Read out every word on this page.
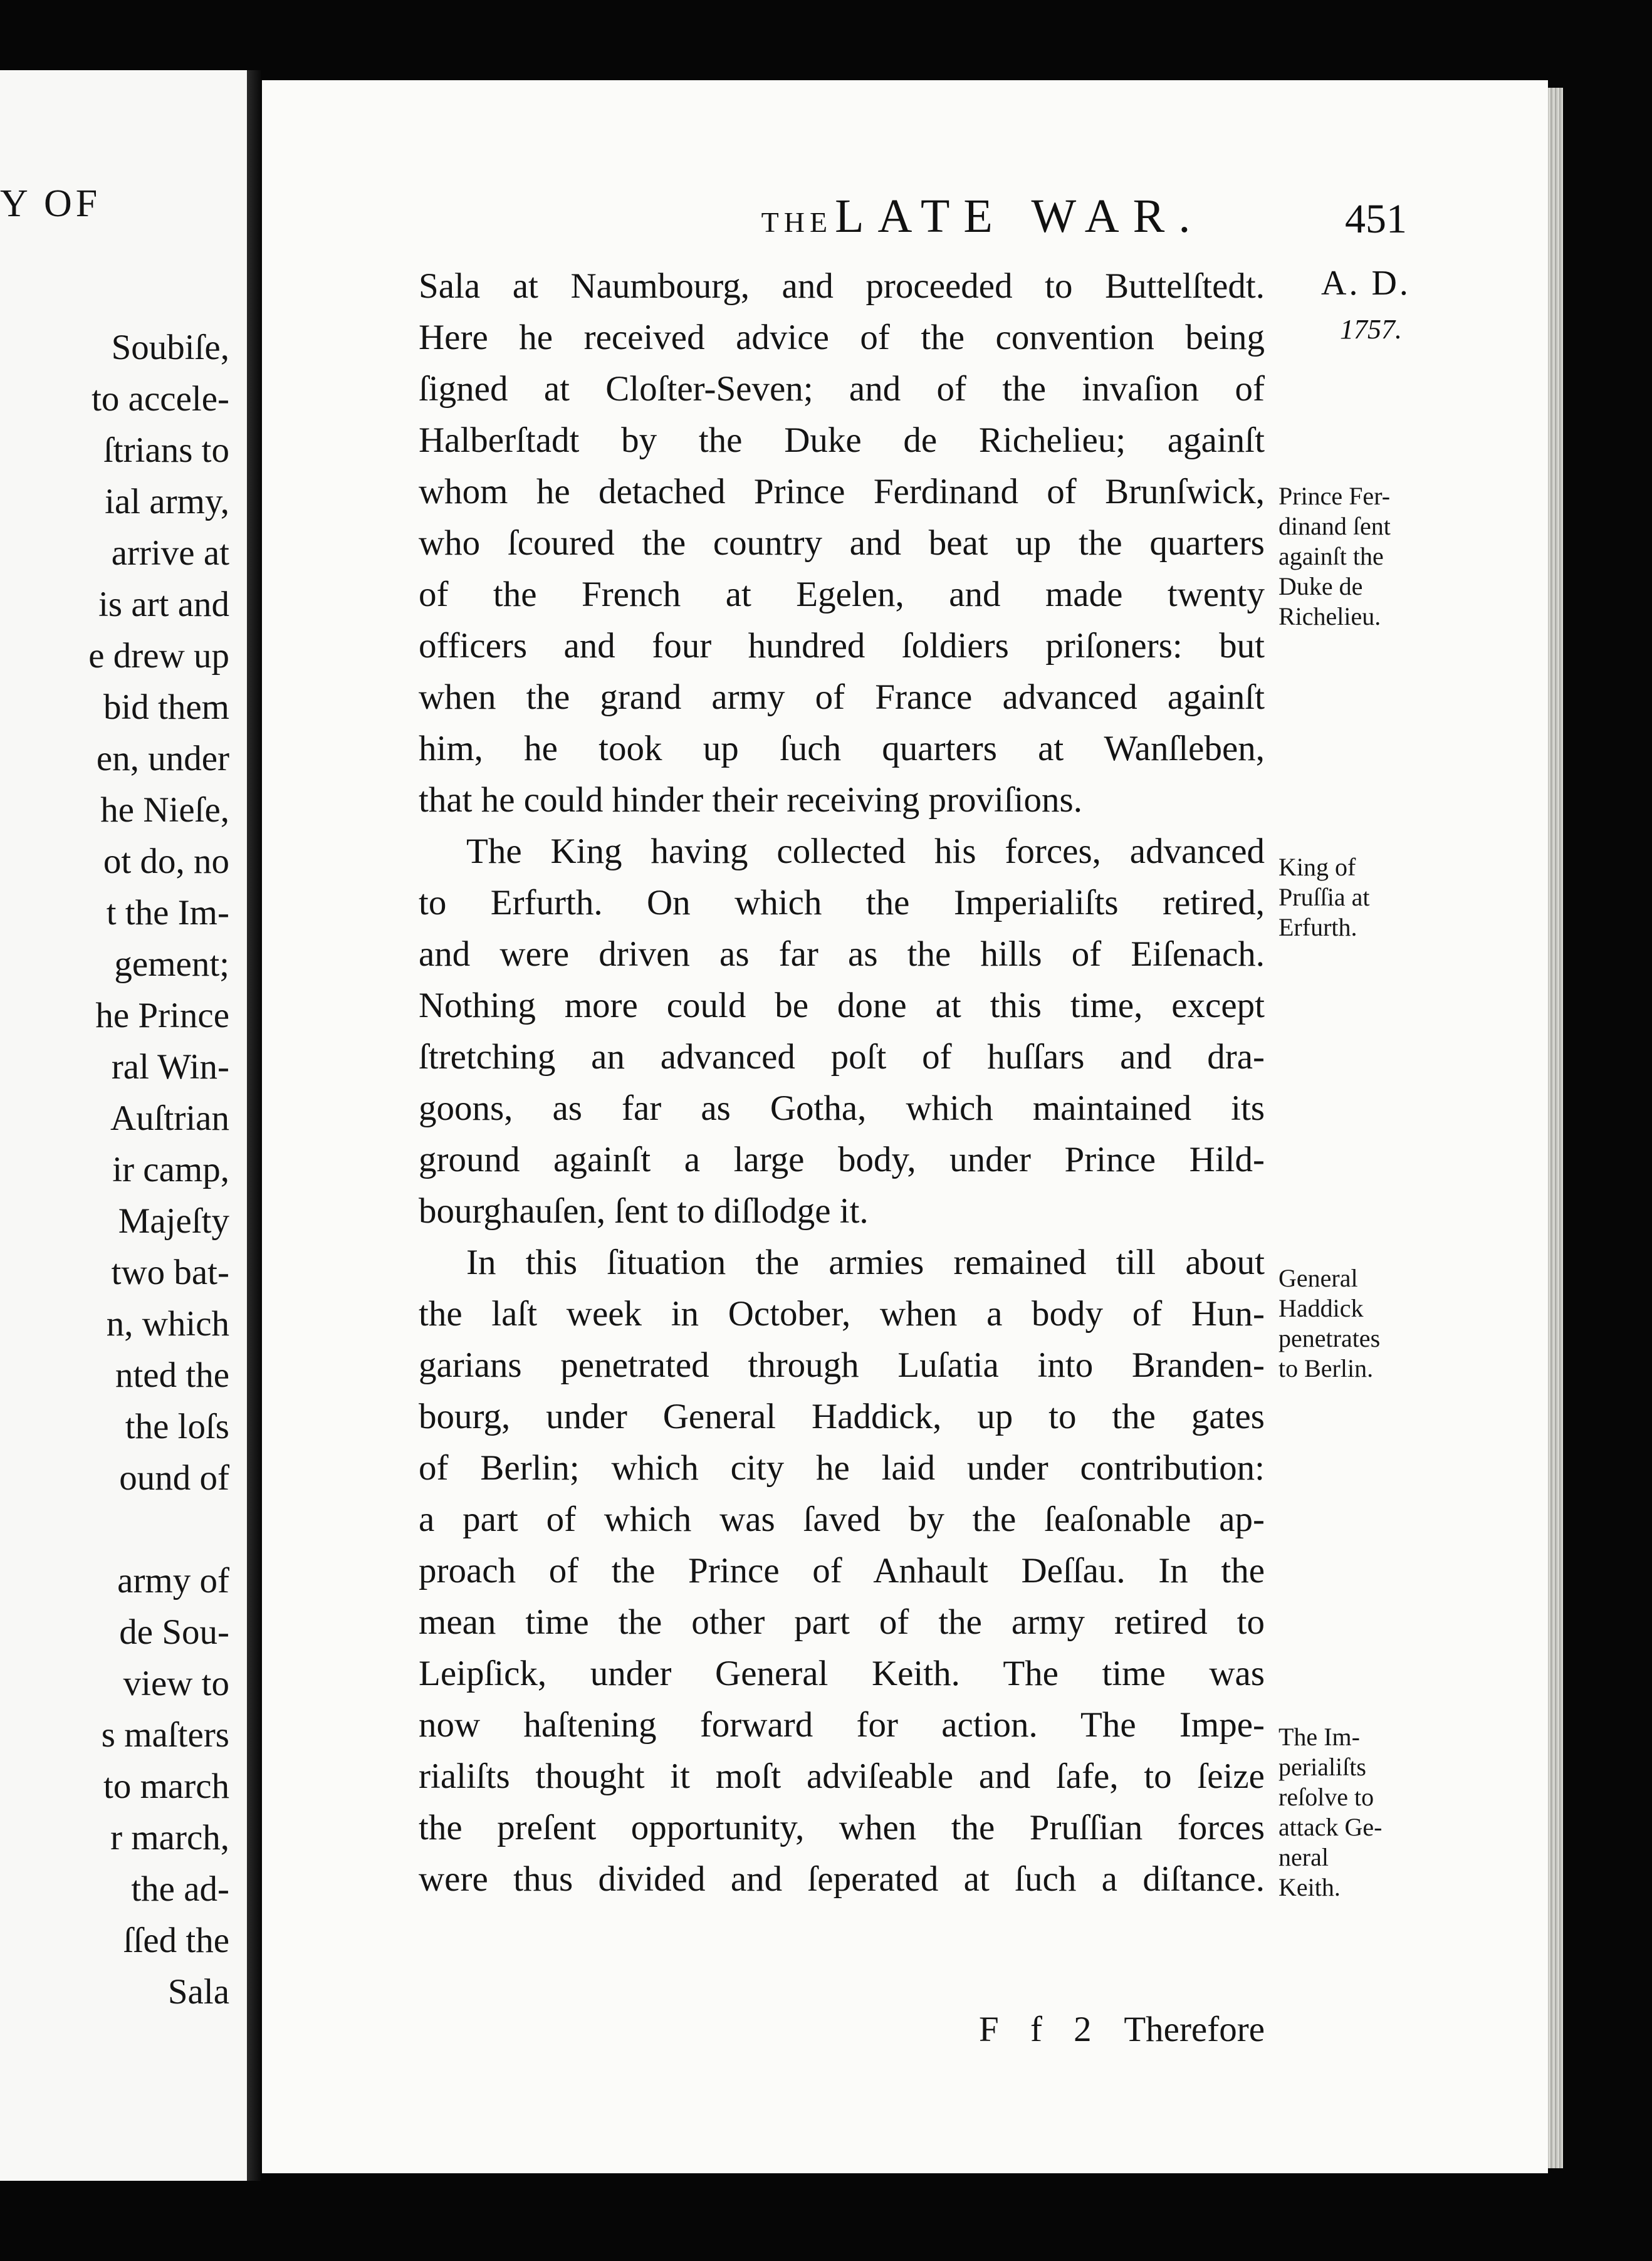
Y OF
Soubiſe,
to accele-
ſtrians to
ial army,
arrive at
is art and
e drew up
bid them
en, under
he Nieſe,
ot do, no
t the Im-
gement;
he Prince
ral Win-
Auſtrian
ir camp,
Majeſty
two bat-
n, which
nted the
the loſs
ound of
army of
de Sou-
view to
s maſters
to march
r march,
the ad-
ſſed the
Sala
THE LATE WAR.	451
A. D.
1757.
Sala at Naumbourg, and proceeded to Buttelſtedt.
Here he received advice of the convention being
ſigned at Cloſter-Seven; and of the invaſion of
Halberſtadt by the Duke de Richelieu; againſt
whom he detached Prince Ferdinand of Brunſwick,
who ſcoured the country and beat up the quarters
of the French at Egelen, and made twenty
officers and four hundred ſoldiers priſoners: but
when the grand army of France advanced againſt
him, he took up ſuch quarters at Wanſleben,
that he could hinder their receiving proviſions.
The King having collected his forces, advanced
to Erfurth. On which the Imperialiſts retired,
and were driven as far as the hills of Eiſenach.
Nothing more could be done at this time, except
ſtretching an advanced poſt of huſſars and dra-
goons, as far as Gotha, which maintained its
ground againſt a large body, under Prince Hild-
bourghauſen, ſent to diſlodge it.
In this ſituation the armies remained till about
the laſt week in October, when a body of Hun-
garians penetrated through Luſatia into Branden-
bourg, under General Haddick, up to the gates
of Berlin; which city he laid under contribution:
a part of which was ſaved by the ſeaſonable ap-
proach of the Prince of Anhault Deſſau. In the
mean time the other part of the army retired to
Leipſick, under General Keith. The time was
now haſtening forward for action. The Impe-
rialiſts thought it moſt adviſeable and ſafe, to ſeize
the preſent opportunity, when the Pruſſian forces
were thus divided and ſeperated at ſuch a diſtance.
Prince Fer-
dinand ſent
againſt the
Duke de
Richelieu.
King of
Pruſſia at
Erfurth.
General
Haddick
penetrates
to Berlin.
The Im-
perialiſts
reſolve to
attack Ge-
neral
Keith.
F f 2 Therefore
